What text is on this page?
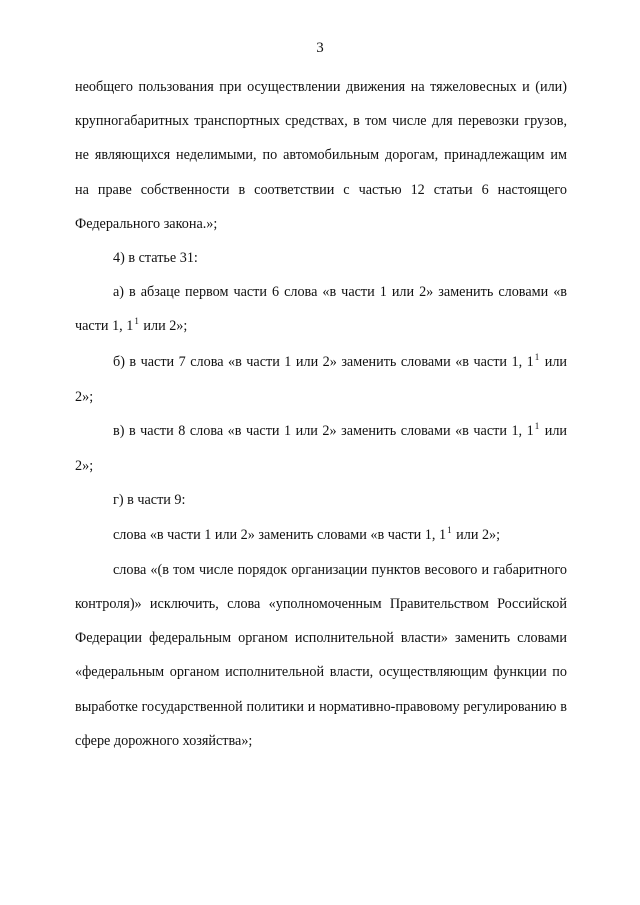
3

необщего пользования при осуществлении движения на тяжеловесных и (или) крупногабаритных транспортных средствах, в том числе для перевозки грузов, не являющихся неделимыми, по автомобильным дорогам, принадлежащим им на праве собственности в соответствии с частью 12 статьи 6 настоящего Федерального закона.»;

4) в статье 31:

а) в абзаце первом части 6 слова «в части 1 или 2» заменить словами «в части 1, $1^1$ или 2»;

б) в части 7 слова «в части 1 или 2» заменить словами «в части 1, $1^1$ или 2»;

в) в части 8 слова «в части 1 или 2» заменить словами «в части 1, $1^1$ или 2»;

г) в части 9:

слова «в части 1 или 2» заменить словами «в части 1, $1^1$ или 2»;

слова «(в том числе порядок организации пунктов весового и габаритного контроля)» исключить, слова «уполномоченным Правительством Российской Федерации федеральным органом исполнительной власти» заменить словами «федеральным органом исполнительной власти, осуществляющим функции по выработке государственной политики и нормативно-правовому регулированию в сфере дорожного хозяйства»;
